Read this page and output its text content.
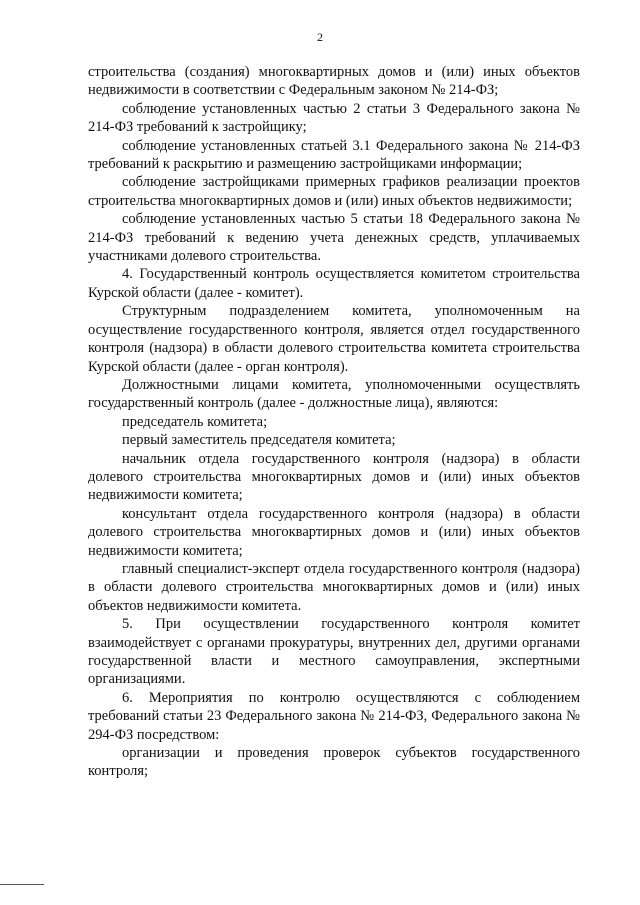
2

строительства (создания) многоквартирных домов и (или) иных объектов недвижимости в соответствии с Федеральным законом № 214-ФЗ;

соблюдение установленных частью 2 статьи 3 Федерального закона № 214-ФЗ требований к застройщику;

соблюдение установленных статьей 3.1 Федерального закона № 214-ФЗ требований к раскрытию и размещению застройщиками информации;

соблюдение застройщиками примерных графиков реализации проектов строительства многоквартирных домов и (или) иных объектов недвижимости;

соблюдение установленных частью 5 статьи 18 Федерального закона № 214-ФЗ требований к ведению учета денежных средств, уплачиваемых участниками долевого строительства.

4. Государственный контроль осуществляется комитетом строительства Курской области (далее - комитет).

Структурным подразделением комитета, уполномоченным на осуществление государственного контроля, является отдел государственного контроля (надзора) в области долевого строительства комитета строительства Курской области (далее - орган контроля).

Должностными лицами комитета, уполномоченными осуществлять государственный контроль (далее - должностные лица), являются:

председатель комитета;

первый заместитель председателя комитета;

начальник отдела государственного контроля (надзора) в области долевого строительства многоквартирных домов и (или) иных объектов недвижимости комитета;

консультант отдела государственного контроля (надзора) в области долевого строительства многоквартирных домов и (или) иных объектов недвижимости комитета;

главный специалист-эксперт отдела государственного контроля (надзора) в области долевого строительства многоквартирных домов и (или) иных объектов недвижимости комитета.

5. При осуществлении государственного контроля комитет взаимодействует с органами прокуратуры, внутренних дел, другими органами государственной власти и местного самоуправления, экспертными организациями.

6. Мероприятия по контролю осуществляются с соблюдением требований статьи 23 Федерального закона № 214-ФЗ, Федерального закона № 294-ФЗ посредством:

организации и проведения проверок субъектов государственного контроля;
